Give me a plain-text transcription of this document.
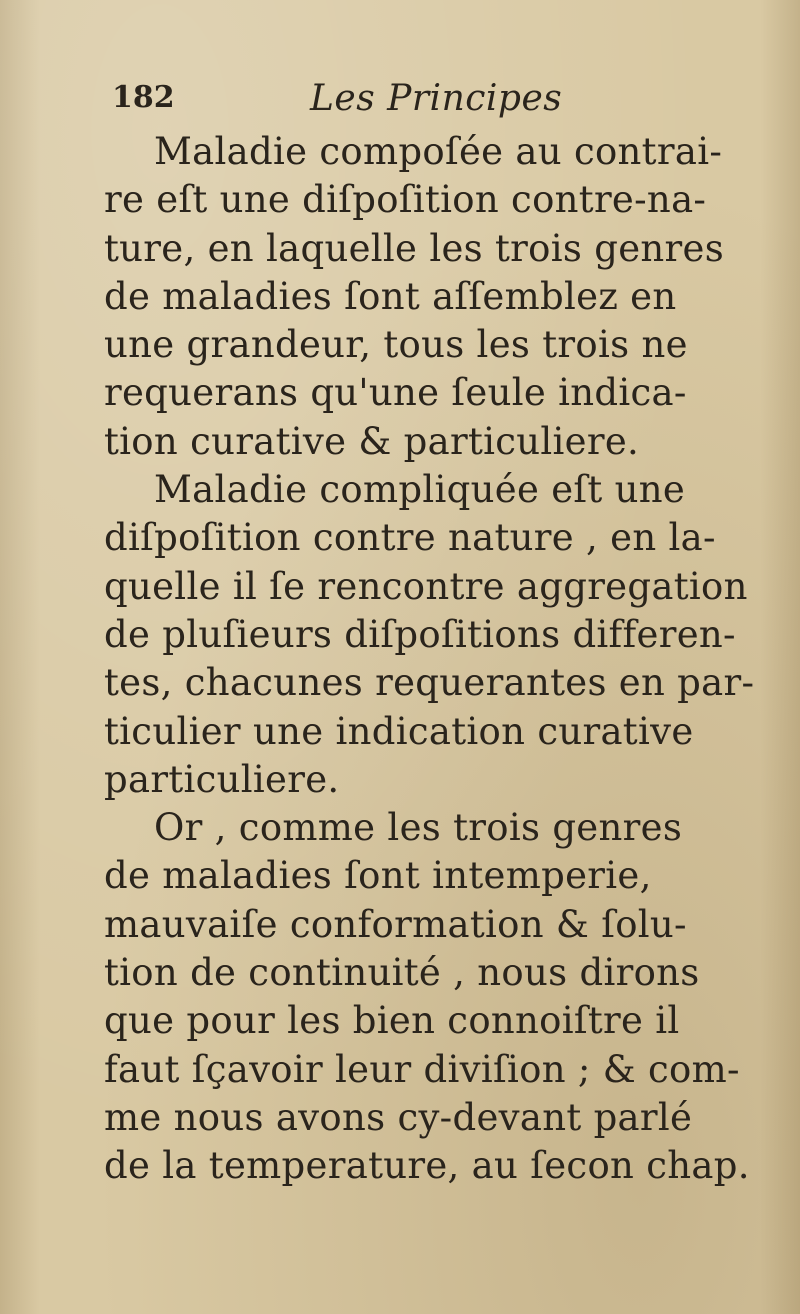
182	Les Principes
Maladie compoſée au contrai-
re eſt une diſpoſition contre-na-
ture, en laquelle les trois genres
de maladies ſont aſſemblez en
une grandeur, tous les trois ne
requerans qu'une ſeule indica-
tion curative & particuliere.
Maladie compliquée eſt une
diſpoſition contre nature , en la-
quelle il ſe rencontre aggregation
de pluſieurs diſpoſitions differen-
tes, chacunes requerantes en par-
ticulier une indication curative
particuliere.
Or , comme les trois genres
de maladies ſont intemperie,
mauvaiſe conformation & ſolu-
tion de continuité , nous dirons
que pour les bien connoiſtre il
faut ſçavoir leur diviſion ; & com-
me nous avons cy-devant parlé
de la temperature, au ſecon chap.
